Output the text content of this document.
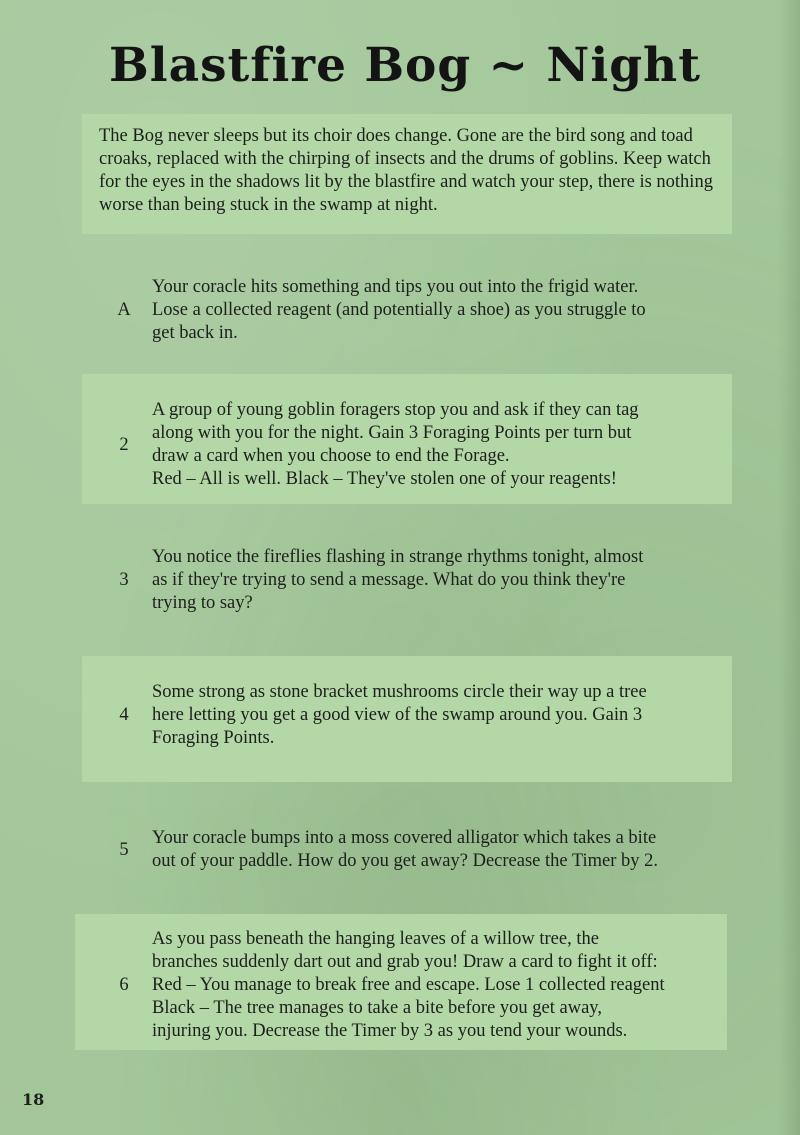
Blastfire Bog ~ Night

The Bog never sleeps but its choir does change. Gone are the bird song and toad croaks, replaced with the chirping of insects and the drums of goblins. Keep watch for the eyes in the shadows lit by the blastfire and watch your step, there is nothing worse than being stuck in the swamp at night.

A
Your coracle hits something and tips you out into the frigid water.
Lose a collected reagent (and potentially a shoe) as you struggle to
get back in.
2
A group of young goblin foragers stop you and ask if they can tag
along with you for the night. Gain 3 Foraging Points per turn but
draw a card when you choose to end the Forage.
Red – All is well. Black – They've stolen one of your reagents!
3
You notice the fireflies flashing in strange rhythms tonight, almost
as if they're trying to send a message. What do you think they're
trying to say?
4
Some strong as stone bracket mushrooms circle their way up a tree
here letting you get a good view of the swamp around you. Gain 3
Foraging Points.
5
Your coracle bumps into a moss covered alligator which takes a bite
out of your paddle. How do you get away? Decrease the Timer by 2.
6
As you pass beneath the hanging leaves of a willow tree, the
branches suddenly dart out and grab you! Draw a card to fight it off:
Red – You manage to break free and escape. Lose 1 collected reagent
Black – The tree manages to take a bite before you get away,
injuring you. Decrease the Timer by 3 as you tend your wounds.
18
